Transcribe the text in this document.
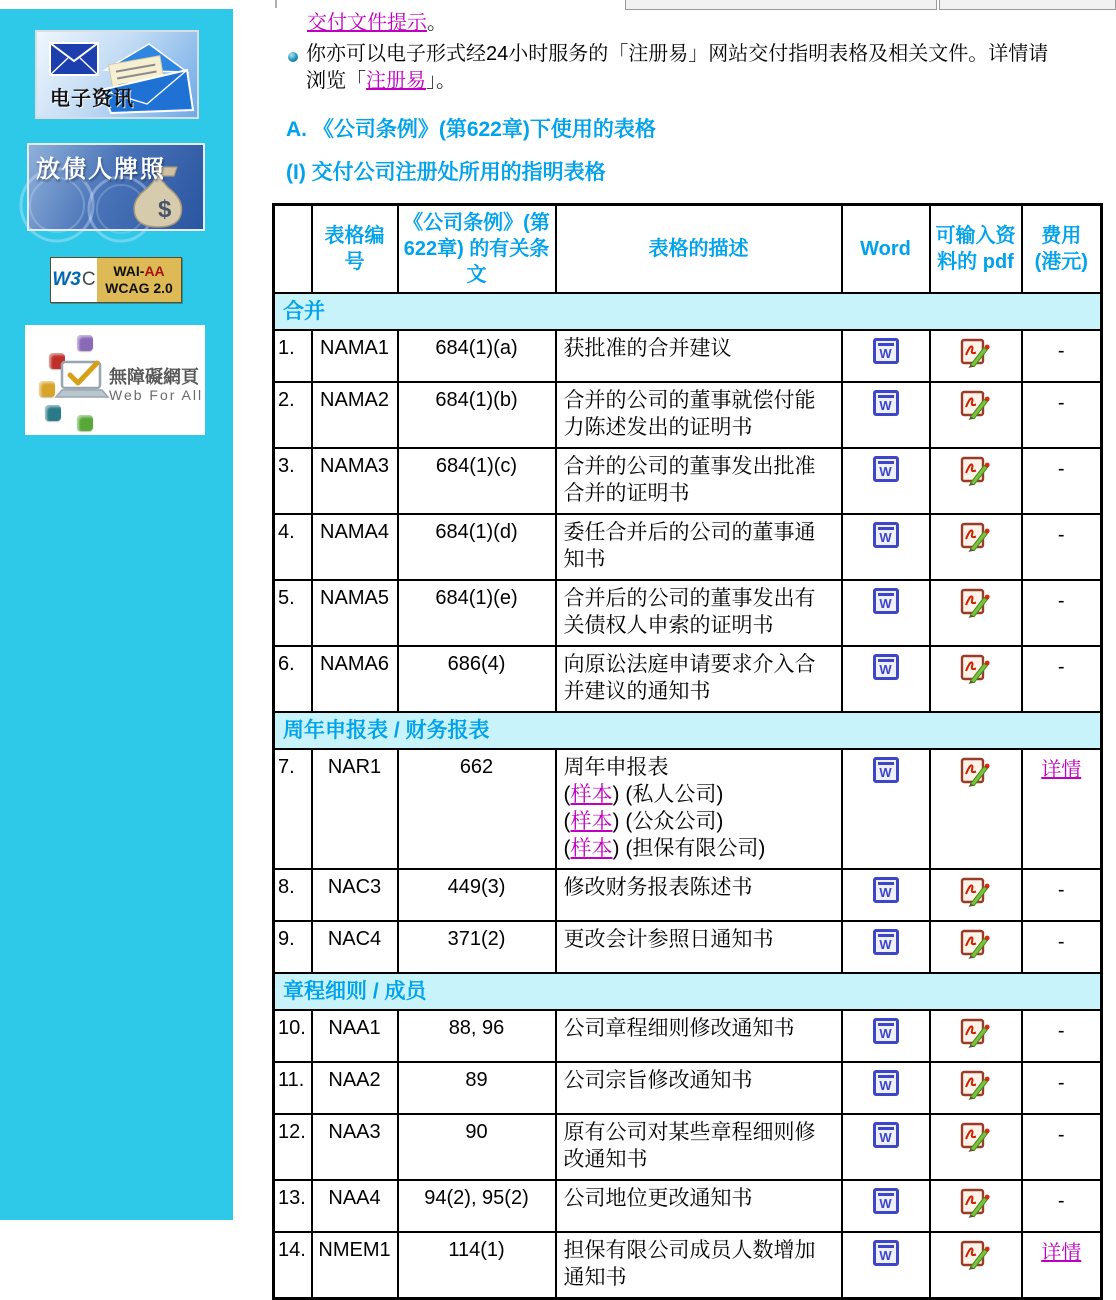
电子资讯
$
放债人牌照
W3 C WAI-AA
WCAG 2.0
無障礙網頁
Web For All
交付文件提示。
你亦可以电子形式经24小时服务的「注册易」网站交付指明表格及相关文件。详情请
浏览「注册易」。
A. 《公司条例》(第622章)下使用的表格
(I) 交付公司注册处所用的指明表格
	表格编号	《公司条例》(第622章) 的有关条文	表格的描述	Word	可输入资料的 pdf	费用 (港元)
合并						
1.	NAMA1	684(1)(a)	获批准的合并建议	W		-
2.	NAMA2	684(1)(b)	合并的公司的董事就偿付能力陈述发出的证明书	W		-
3.	NAMA3	684(1)(c)	合并的公司的董事发出批准合并的证明书	W		-
4.	NAMA4	684(1)(d)	委任合并后的公司的董事通知书	W		-
5.	NAMA5	684(1)(e)	合并后的公司的董事发出有关债权人申索的证明书	W		-
6.	NAMA6	686(4)	向原讼法庭申请要求介入合并建议的通知书	W		-
周年申报表 / 财务报表						
7.	NAR1	662	周年申报表
(样本) (私人公司)
(样本) (公众公司)
(样本) (担保有限公司)	W		详情
8.	NAC3	449(3)	修改财务报表陈述书	W		-
9.	NAC4	371(2)	更改会计参照日通知书	W		-
章程细则 / 成员						
10.	NAA1	88, 96	公司章程细则修改通知书	W		-
11.	NAA2	89	公司宗旨修改通知书	W		-
12.	NAA3	90	原有公司对某些章程细则修改通知书	W		-
13.	NAA4	94(2), 95(2)	公司地位更改通知书	W		-
14.	NMEM1	114(1)	担保有限公司成员人数增加通知书	W		详情
